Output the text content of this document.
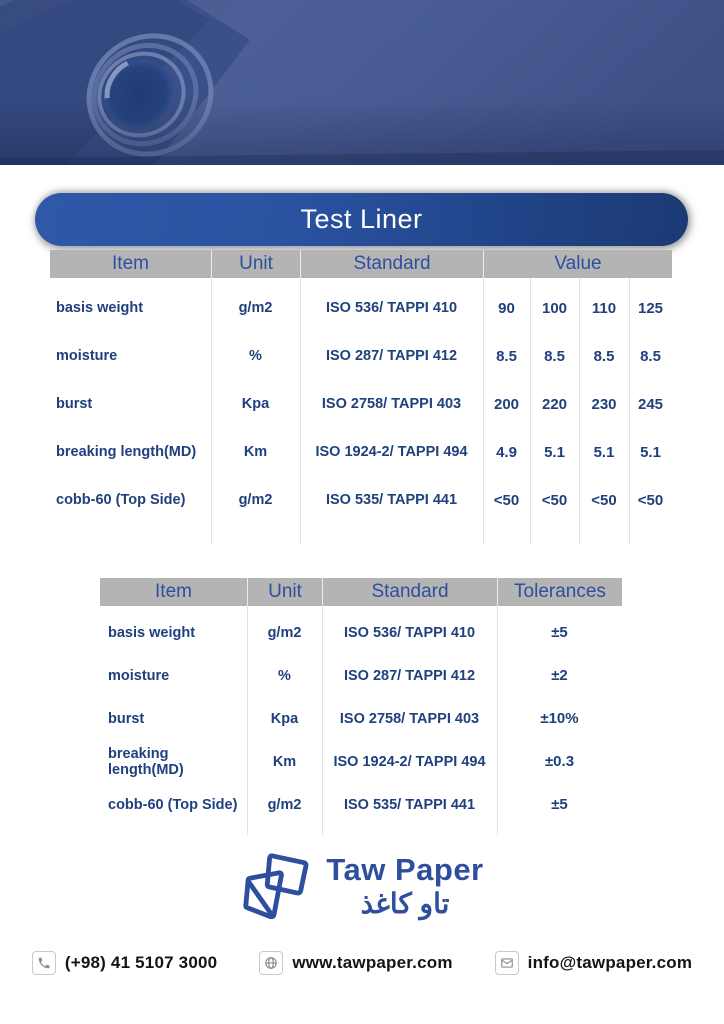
Test Liner
Item	Unit	Standard	Value
basis weight	g/m2	ISO 536/ TAPPI 410	90	100	110	125
moisture	%	ISO 287/ TAPPI 412	8.5	8.5	8.5	8.5
burst	Kpa	ISO 2758/ TAPPI 403	200	220	230	245
breaking length(MD)	Km	ISO 1924-2/ TAPPI 494	4.9	5.1	5.1	5.1
cobb-60 (Top Side)	g/m2	ISO 535/ TAPPI 441	<50	<50	<50	<50
Item	Unit	Standard	Tolerances
basis weight	g/m2	ISO 536/ TAPPI 410	±5
moisture	%	ISO 287/ TAPPI 412	±2
burst	Kpa	ISO 2758/ TAPPI 403	±10%
breaking length(MD)	Km	ISO 1924-2/ TAPPI 494	±0.3
cobb-60 (Top Side)	g/m2	ISO 535/ TAPPI 441	±5
Taw Paper
تاو کاغذ
(+98) 41 5107 3000	www.tawpaper.com	info@tawpaper.com
